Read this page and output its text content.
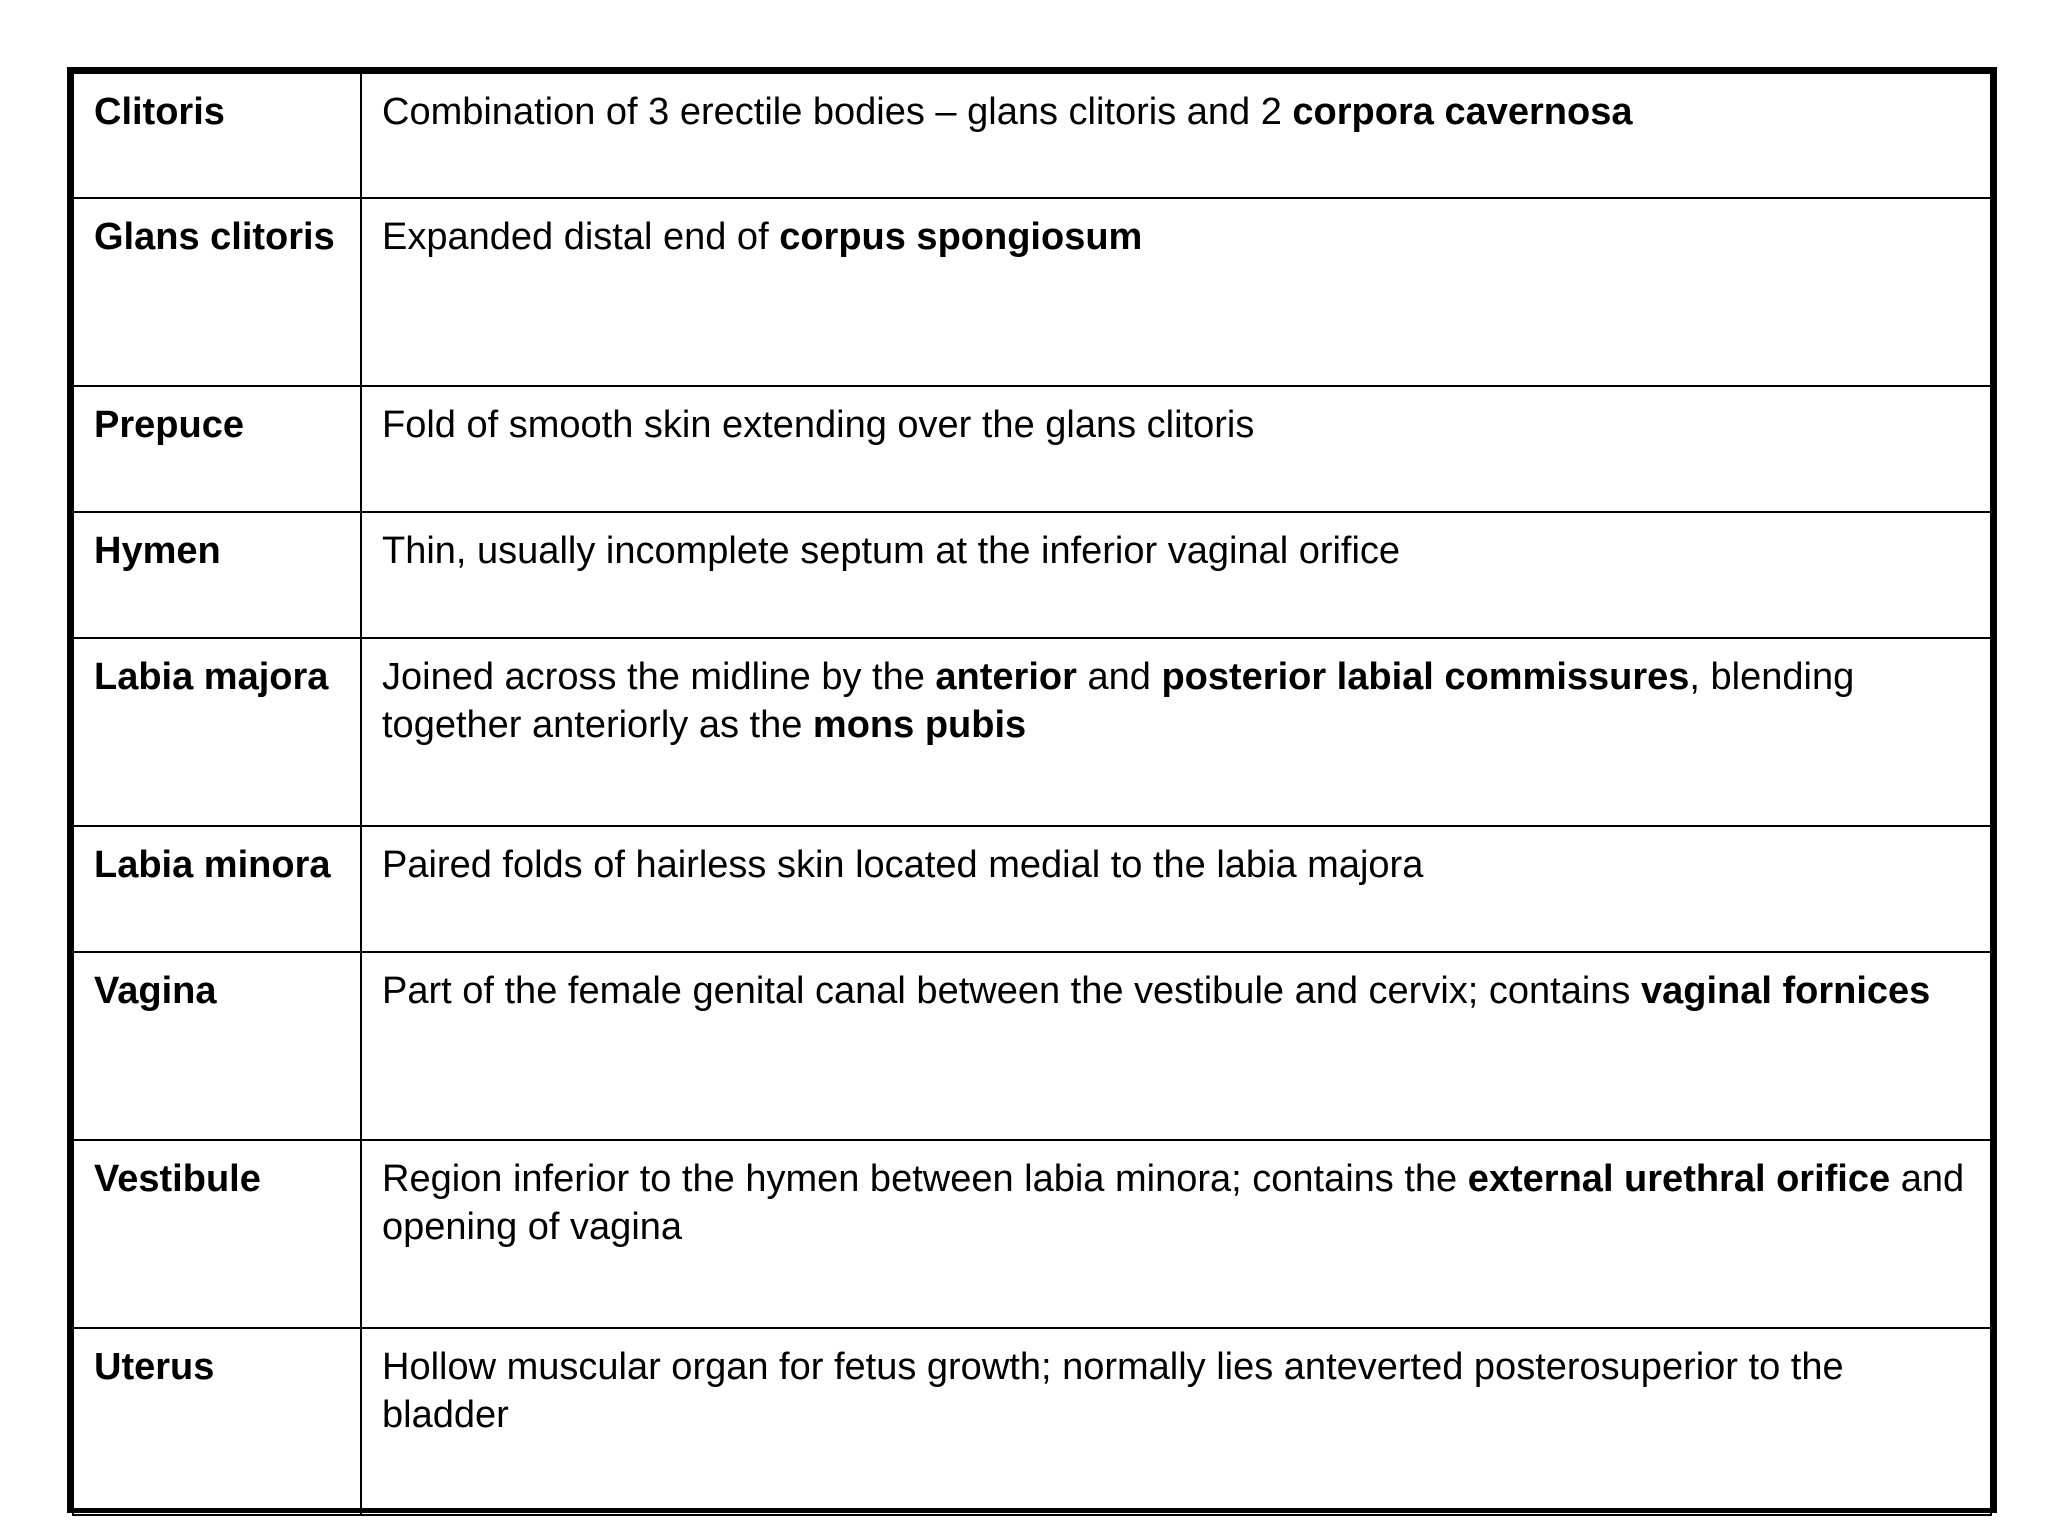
Clitoris	Combination of 3 erectile bodies – glans clitoris and 2 corpora cavernosa
Glans clitoris	Expanded distal end of corpus spongiosum
Prepuce	Fold of smooth skin extending over the glans clitoris
Hymen	Thin, usually incomplete septum at the inferior vaginal orifice
Labia majora	Joined across the midline by the anterior and posterior labial commissures, blending together anteriorly as the mons pubis
Labia minora	Paired folds of hairless skin located medial to the labia majora
Vagina	Part of the female genital canal between the vestibule and cervix; contains vaginal fornices
Vestibule	Region inferior to the hymen between labia minora; contains the external urethral orifice and opening of vagina
Uterus	Hollow muscular organ for fetus growth; normally lies anteverted posterosuperior to the bladder
